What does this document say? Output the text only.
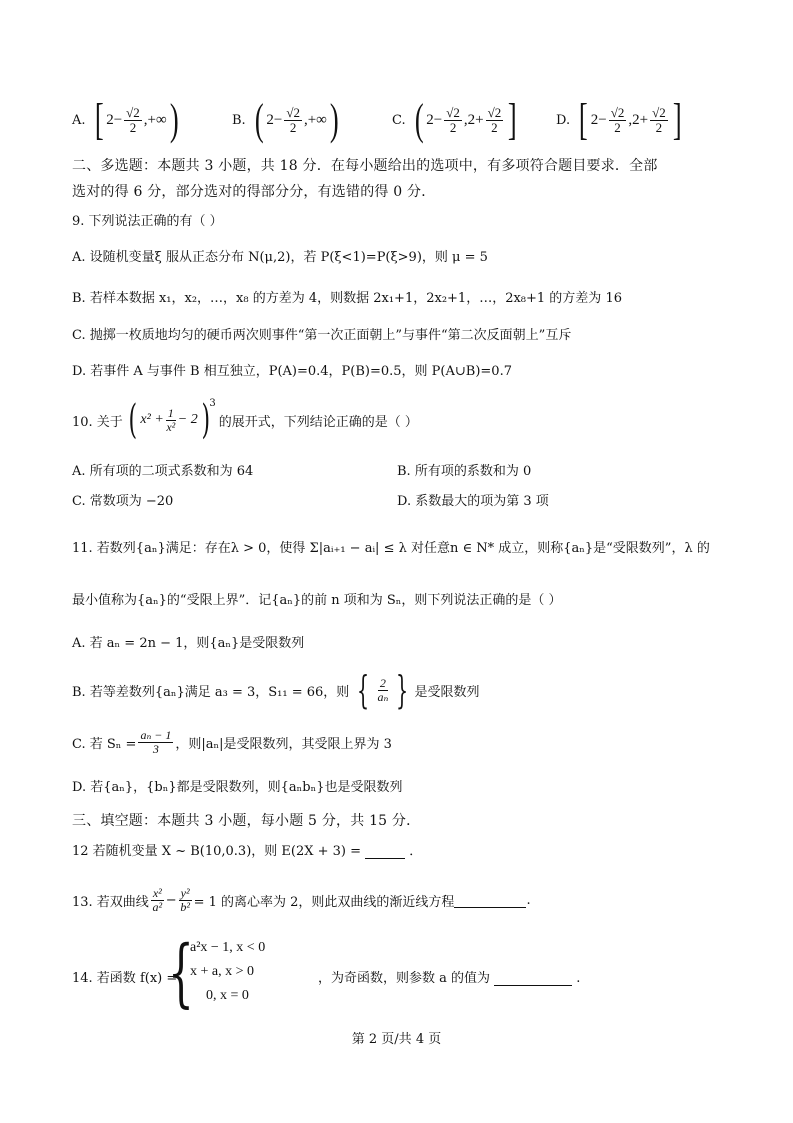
A. [ $2- \frac{√2}{2}$ ,+∞ )	B. ( $2- \frac{√2}{2}$ ,+∞ )	C. ( $2- \frac{√2}{2} ,2+ \frac{√2}{2}$ ]	D. [ $2- \frac{√2}{2} ,2+ \frac{√2}{2}$ ]
二、多选题：本题共 3 小题，共 18 分．在每小题给出的选项中，有多项符合题目要求．全部
选对的得 6 分，部分选对的得部分分，有选错的得 0 分．
9. 下列说法正确的有（ ）
A. 设随机变量ξ 服从正态分布 N(μ,2)，若 P(ξ<1)=P(ξ>9)，则 μ = 5
B. 若样本数据 x₁，x₂，…，x₈ 的方差为 4，则数据 2x₁+1，2x₂+1，…，2x₈+1 的方差为 16
C. 抛掷一枚质地均匀的硬币两次则事件“第一次正面朝上”与事件“第二次反面朝上”互斥
D. 若事件 A 与事件 B 相互独立，P(A)=0.4，P(B)=0.5，则 P(A∪B)=0.7
10. 关于 ( $x^2 + \frac{1}{\text{x²}} - 2$ ) 3
的展开式，下列结论正确的是（ ）
A. 所有项的二项式系数和为 64	B. 所有项的系数和为 0
C. 常数项为 −20	D. 系数最大的项为第 3 项
11. 若数列{aₙ}满足：存在λ > 0，使得 Σ|aᵢ₊₁ − aᵢ| ≤ λ 对任意n ∈ N* 成立，则称{aₙ}是“受限数列”，λ 的
最小值称为{aₙ}的“受限上界”．记{aₙ}的前 n 项和为 Sₙ，则下列说法正确的是（ ）
A. 若 aₙ = 2n − 1，则{aₙ}是受限数列
B. 若等差数列{aₙ}满足 a₃ = 3，S₁₁ = 66，则 { $\frac{2}{\text{aₙ}}$ } 是受限数列
C. 若 $S_n = \frac{\text{aₙ − 1}}{3}$ ，则|aₙ|是受限数列，其受限上界为 3
D. 若{aₙ}，{bₙ}都是受限数列，则{aₙbₙ}也是受限数列
三、填空题：本题共 3 小题，每小题 5 分，共 15 分．
12 若随机变量 X ~ B(10,0.3)，则 E(2X + 3) =	．
13. 若双曲线 $\frac{\text{x²}}{\text{a²}} - \frac{\text{y²}}{\text{b²}} = 1$ 的离心率为 2，则此双曲线的渐近线方程	.
14. 若函数 f(x) =
{
a²x − 1, x < 0
x + a, x > 0
0, x = 0
，为奇函数，则参数 a 的值为	.
第 2 页/共 4 页
